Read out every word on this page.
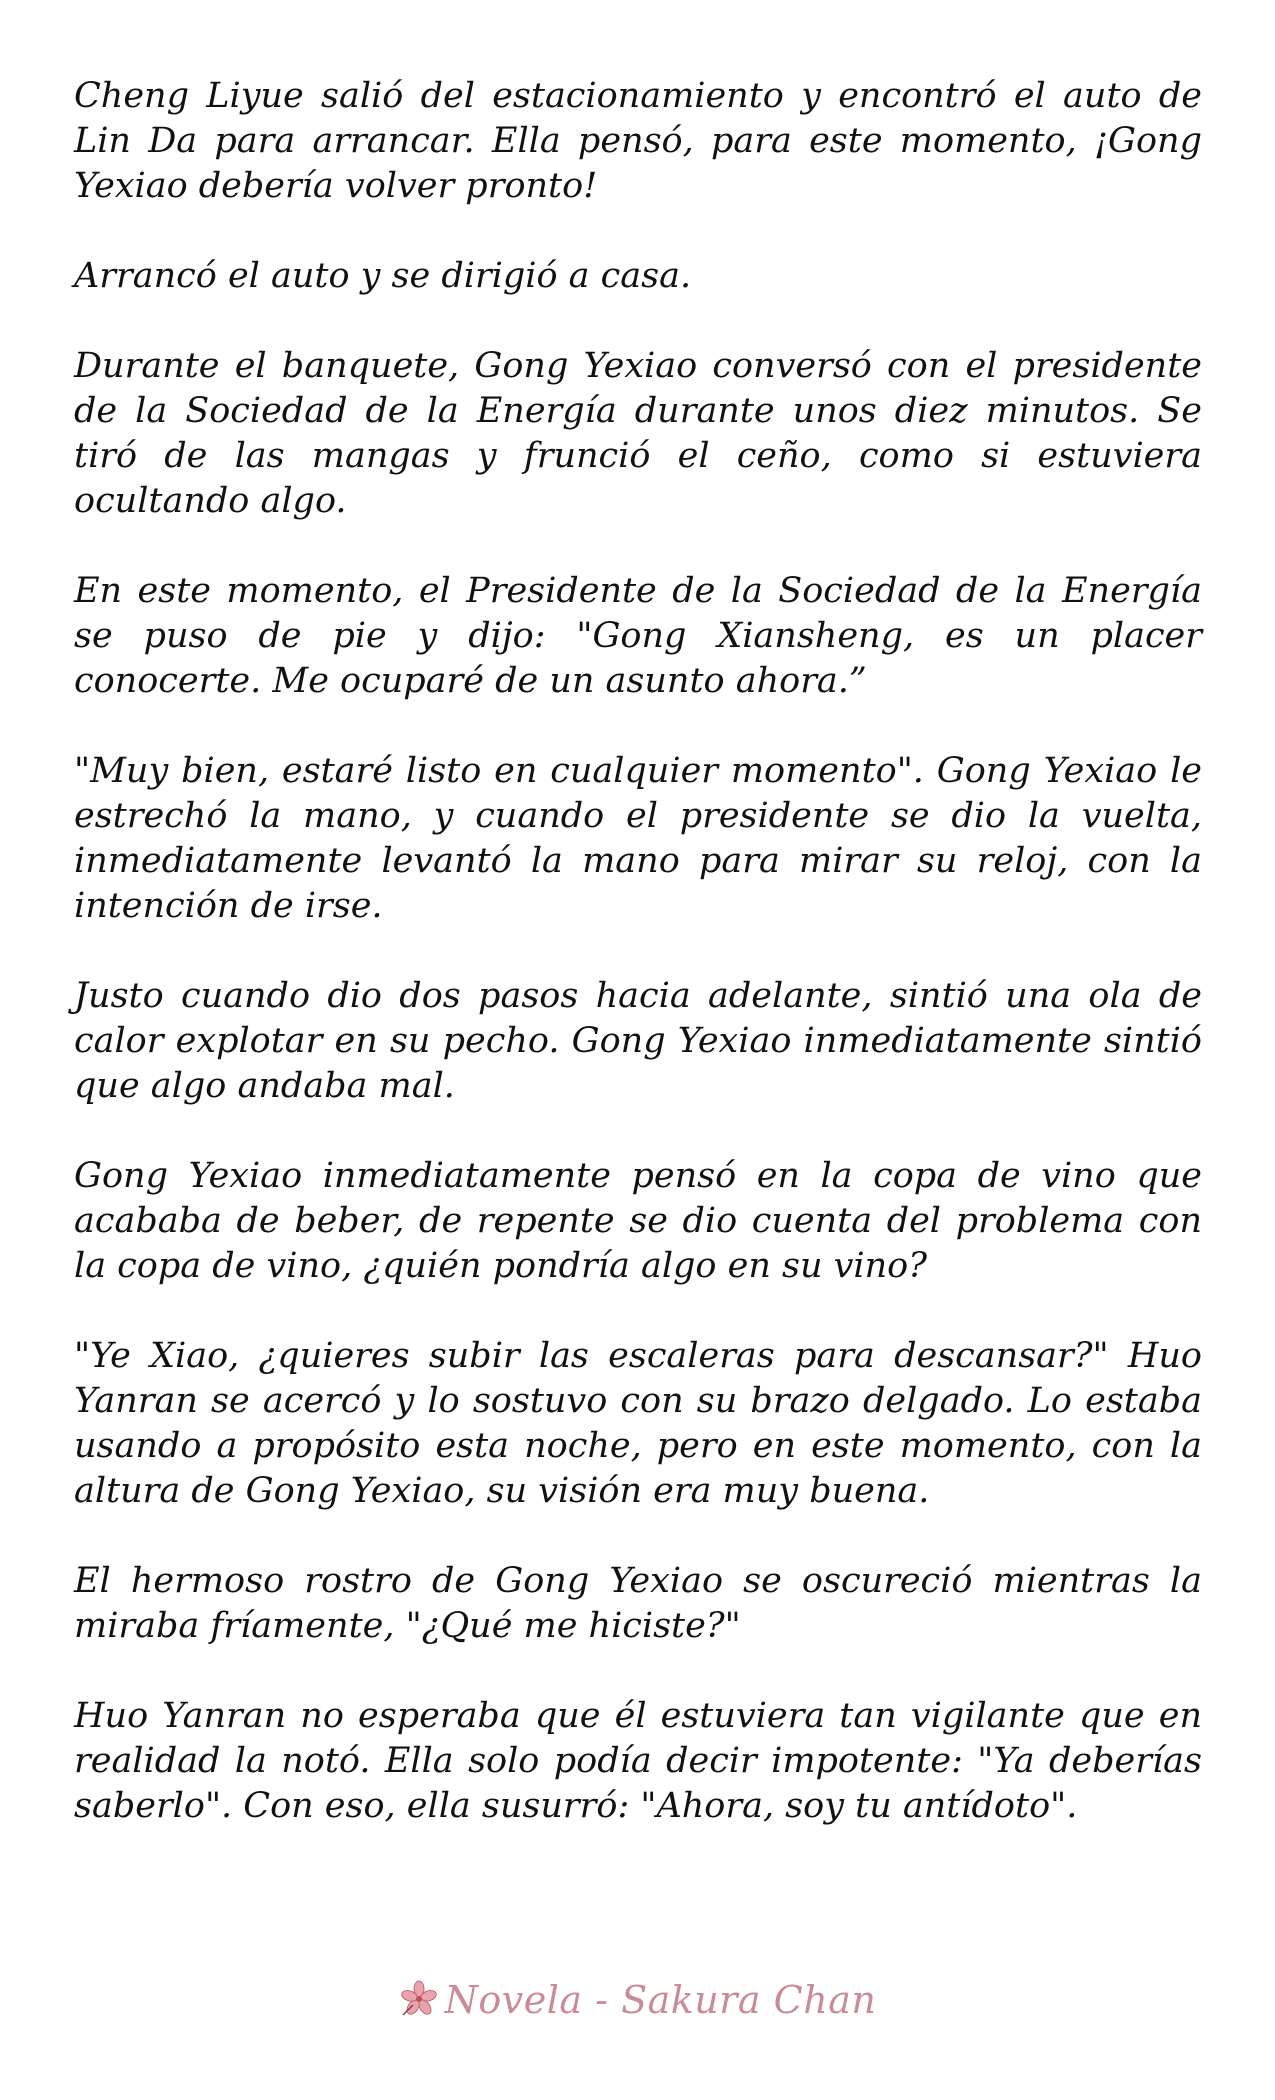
Cheng Liyue salió del estacionamiento y encontró el auto de Lin Da para arrancar. Ella pensó, para este momento, ¡Gong Yexiao debería volver pronto!

Arrancó el auto y se dirigió a casa.

Durante el banquete, Gong Yexiao conversó con el presidente de la Sociedad de la Energía durante unos diez minutos. Se tiró de las mangas y frunció el ceño, como si estuviera ocultando algo.

En este momento, el Presidente de la Sociedad de la Energía se puso de pie y dijo: "Gong Xiansheng, es un placer conocerte. Me ocuparé de un asunto ahora.”

"Muy bien, estaré listo en cualquier momento". Gong Yexiao le estrechó la mano, y cuando el presidente se dio la vuelta, inmediatamente levantó la mano para mirar su reloj, con la intención de irse.

Justo cuando dio dos pasos hacia adelante, sintió una ola de calor explotar en su pecho. Gong Yexiao inmediatamente sintió que algo andaba mal.

Gong Yexiao inmediatamente pensó en la copa de vino que acababa de beber, de repente se dio cuenta del problema con la copa de vino, ¿quién pondría algo en su vino?

"Ye Xiao, ¿quieres subir las escaleras para descansar?" Huo Yanran se acercó y lo sostuvo con su brazo delgado. Lo estaba usando a propósito esta noche, pero en este momento, con la altura de Gong Yexiao, su visión era muy buena.

El hermoso rostro de Gong Yexiao se oscureció mientras la miraba fríamente, "¿Qué me hiciste?"

Huo Yanran no esperaba que él estuviera tan vigilante que en realidad la notó. Ella solo podía decir impotente: "Ya deberías saberlo". Con eso, ella susurró: "Ahora, soy tu antídoto".

Novela - Sakura Chan
